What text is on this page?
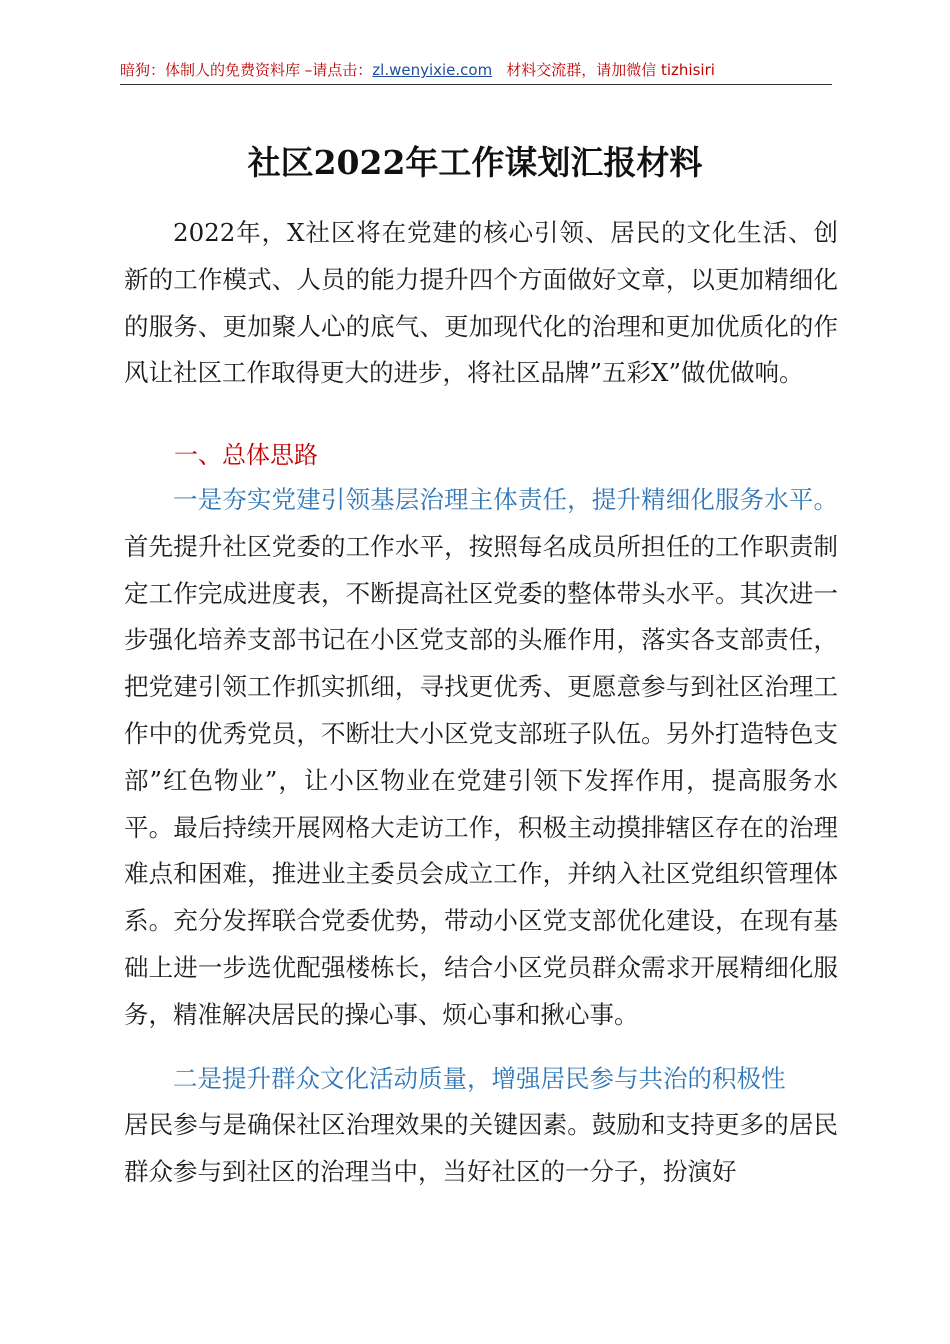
暗狗：体制人的免费资料库 –请点击：zl.wenyixie.com 材料交流群，请加微信 tizhisiri
社区2022年工作谋划汇报材料

2022年，X社区将在党建的核心引领、居民的文化生活、创新的工作模式、人员的能力提升四个方面做好文章，以更加精细化的服务、更加聚人心的底气、更加现代化的治理和更加优质化的作风让社区工作取得更大的进步，将社区品牌”五彩X”做优做响。

一、总体思路

一是夯实党建引领基层治理主体责任，提升精细化服务水平。首先提升社区党委的工作水平，按照每名成员所担任的工作职责制定工作完成进度表，不断提高社区党委的整体带头水平。其次进一步强化培养支部书记在小区党支部的头雁作用，落实各支部责任，把党建引领工作抓实抓细，寻找更优秀、更愿意参与到社区治理工作中的优秀党员，不断壮大小区党支部班子队伍。另外打造特色支部”红色物业”，让小区物业在党建引领下发挥作用，提高服务水平。最后持续开展网格大走访工作，积极主动摸排辖区存在的治理难点和困难，推进业主委员会成立工作，并纳入社区党组织管理体系。充分发挥联合党委优势，带动小区党支部优化建设，在现有基础上进一步选优配强楼栋长，结合小区党员群众需求开展精细化服务，精准解决居民的操心事、烦心事和揪心事。

二是提升群众文化活动质量，增强居民参与共治的积极性

居民参与是确保社区治理效果的关键因素。鼓励和支持更多的居民群众参与到社区的治理当中，当好社区的一分子，扮演好
